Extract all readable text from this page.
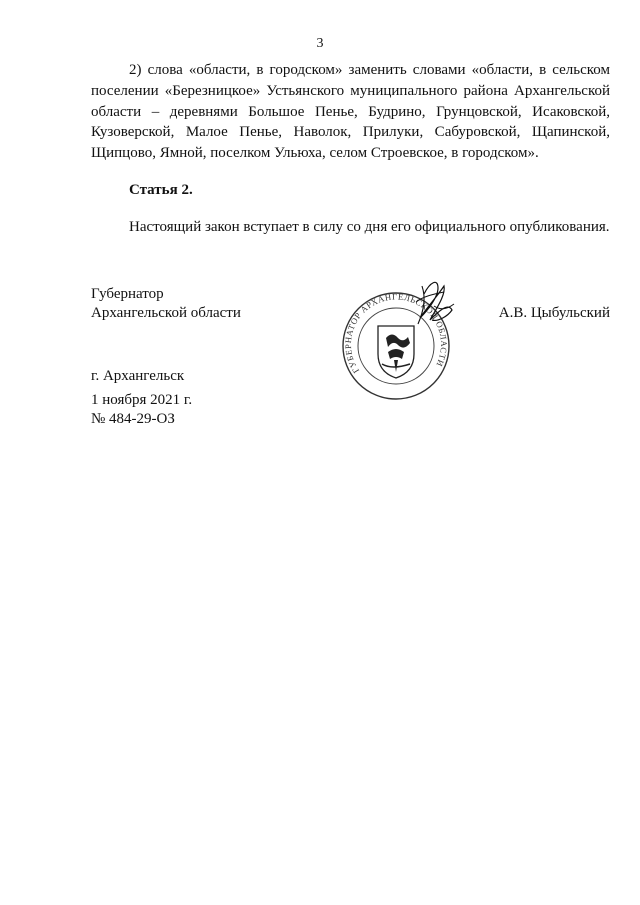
3

2) слова «области, в городском» заменить словами «области, в сельском поселении «Березницкое» Устьянского муниципального района Архангельской области – деревнями Большое Пенье, Будрино, Грунцовской, Исаковской, Кузоверской, Малое Пенье, Наволок, Прилуки, Сабуровской, Щапинской, Щипцово, Ямной, поселком Ульюха, селом Строевское, в городском».

Статья 2.

Настоящий закон вступает в силу со дня его официального опубликования.

Губернатор
Архангельской области
ГУБЕРНАТОР АРХАНГЕЛЬСКОЙ ОБЛАСТИ
А.В. Цыбульский
г. Архангельск
1 ноября 2021 г.
№ 484-29-ОЗ
